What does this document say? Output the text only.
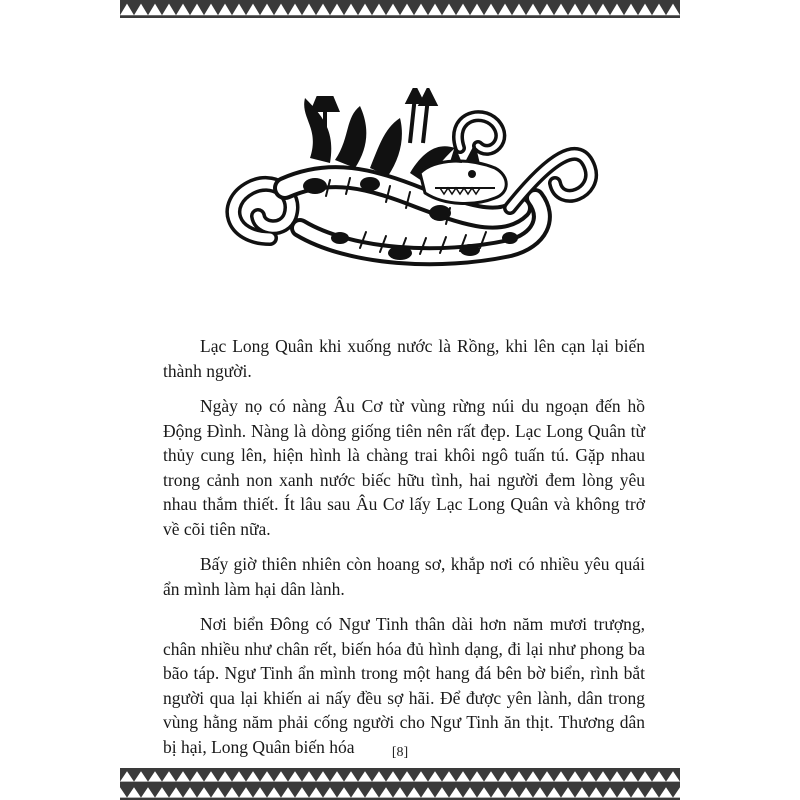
Lạc Long Quân khi xuống nước là Rồng, khi lên cạn lại biến thành người.

Ngày nọ có nàng Âu Cơ từ vùng rừng núi du ngoạn đến hồ Động Đình. Nàng là dòng giống tiên nên rất đẹp. Lạc Long Quân từ thủy cung lên, hiện hình là chàng trai khôi ngô tuấn tú. Gặp nhau trong cảnh non xanh nước biếc hữu tình, hai người đem lòng yêu nhau thắm thiết. Ít lâu sau Âu Cơ lấy Lạc Long Quân và không trở về cõi tiên nữa.

Bấy giờ thiên nhiên còn hoang sơ, khắp nơi có nhiều yêu quái ẩn mình làm hại dân lành.

Nơi biển Đông có Ngư Tinh thân dài hơn năm mươi trượng, chân nhiều như chân rết, biến hóa đủ hình dạng, đi lại như phong ba bão táp. Ngư Tinh ẩn mình trong một hang đá bên bờ biển, rình bắt người qua lại khiến ai nấy đều sợ hãi. Để được yên lành, dân trong vùng hằng năm phải cống người cho Ngư Tinh ăn thịt. Thương dân bị hại, Long Quân biến hóa	[8]
